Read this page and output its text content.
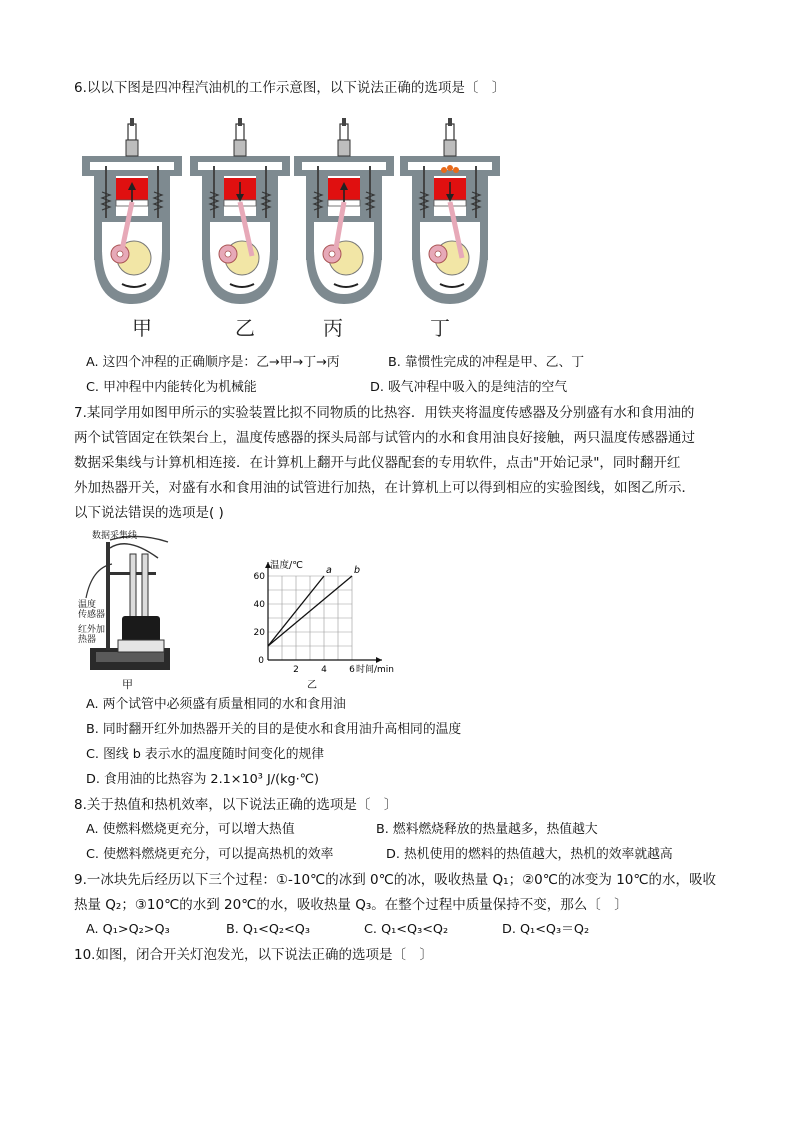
6.以以下图是四冲程汽油机的工作示意图，以下说法正确的选项是〔　〕
甲	乙	丙	丁
A. 这四个冲程的正确顺序是：乙→甲→丁→丙	B. 靠惯性完成的冲程是甲、乙、丁
C. 甲冲程中内能转化为机械能	D. 吸气冲程中吸入的是纯洁的空气
7.某同学用如图甲所示的实验装置比拟不同物质的比热容．用铁夹将温度传感器及分别盛有水和食用油的
两个试管固定在铁架台上，温度传感器的探头局部与试管内的水和食用油良好接触，两只温度传感器通过
数据采集线与计算机相连接．在计算机上翻开与此仪器配套的专用软件，点击"开始记录"，同时翻开红
外加热器开关，对盛有水和食用油的试管进行加热，在计算机上可以得到相应的实验图线，如图乙所示．
以下说法错误的选项是( )
数据采集线
温度
传感器
红外加
热器
甲
2 4 6
20
40
60
0
温度/℃
时间/min
a b
乙
A. 两个试管中必须盛有质量相同的水和食用油
B. 同时翻开红外加热器开关的目的是使水和食用油升高相同的温度
C. 图线 b 表示水的温度随时间变化的规律
D. 食用油的比热容为 2.1×10³ J/(kg·℃)
8.关于热值和热机效率，以下说法正确的选项是〔　〕
A. 使燃料燃烧更充分，可以增大热值	B. 燃料燃烧释放的热量越多，热值越大
C. 使燃料燃烧更充分，可以提高热机的效率	D. 热机使用的燃料的热值越大，热机的效率就越高
9.一冰块先后经历以下三个过程：①-10℃的冰到 0℃的冰，吸收热量 Q₁；②0℃的冰变为 10℃的水，吸收
热量 Q₂；③10℃的水到 20℃的水，吸收热量 Q₃。在整个过程中质量保持不变，那么〔　〕
A. Q₁>Q₂>Q₃	B. Q₁<Q₂<Q₃	C. Q₁<Q₃<Q₂	D. Q₁<Q₃＝Q₂
10.如图，闭合开关灯泡发光，以下说法正确的选项是〔　〕
